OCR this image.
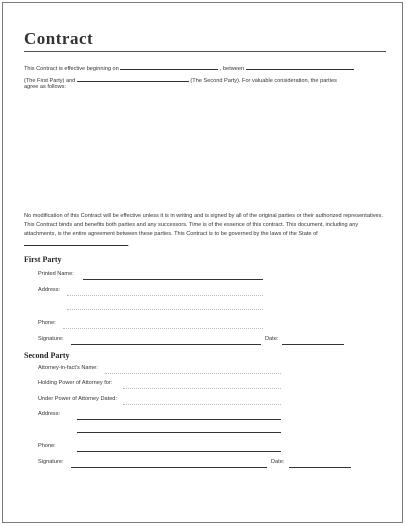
Contract
This Contract is effective beginning on	, between
(The First Party) and	(The Second Party). For valuable consideration, the parties
agree as follows:
No modification of this Contract will be effective unless it is in writing and is signed by all of the original parties or their authorized representatives. This Contract binds and benefits both parties and any successors. Time is of the essence of this contract. This document, including any attachments, is the entire agreement between these parties. This Contract is to be governed by the laws of the State of .
First Party
Printed Name:
Address:
Phone:
Signature:	Date:
Second Party
Attorney-in-fact's Name:
Holding Power of Attorney for:
Under Power of Attorney Dated:
Address:
Phone:
Signature:	Date:
